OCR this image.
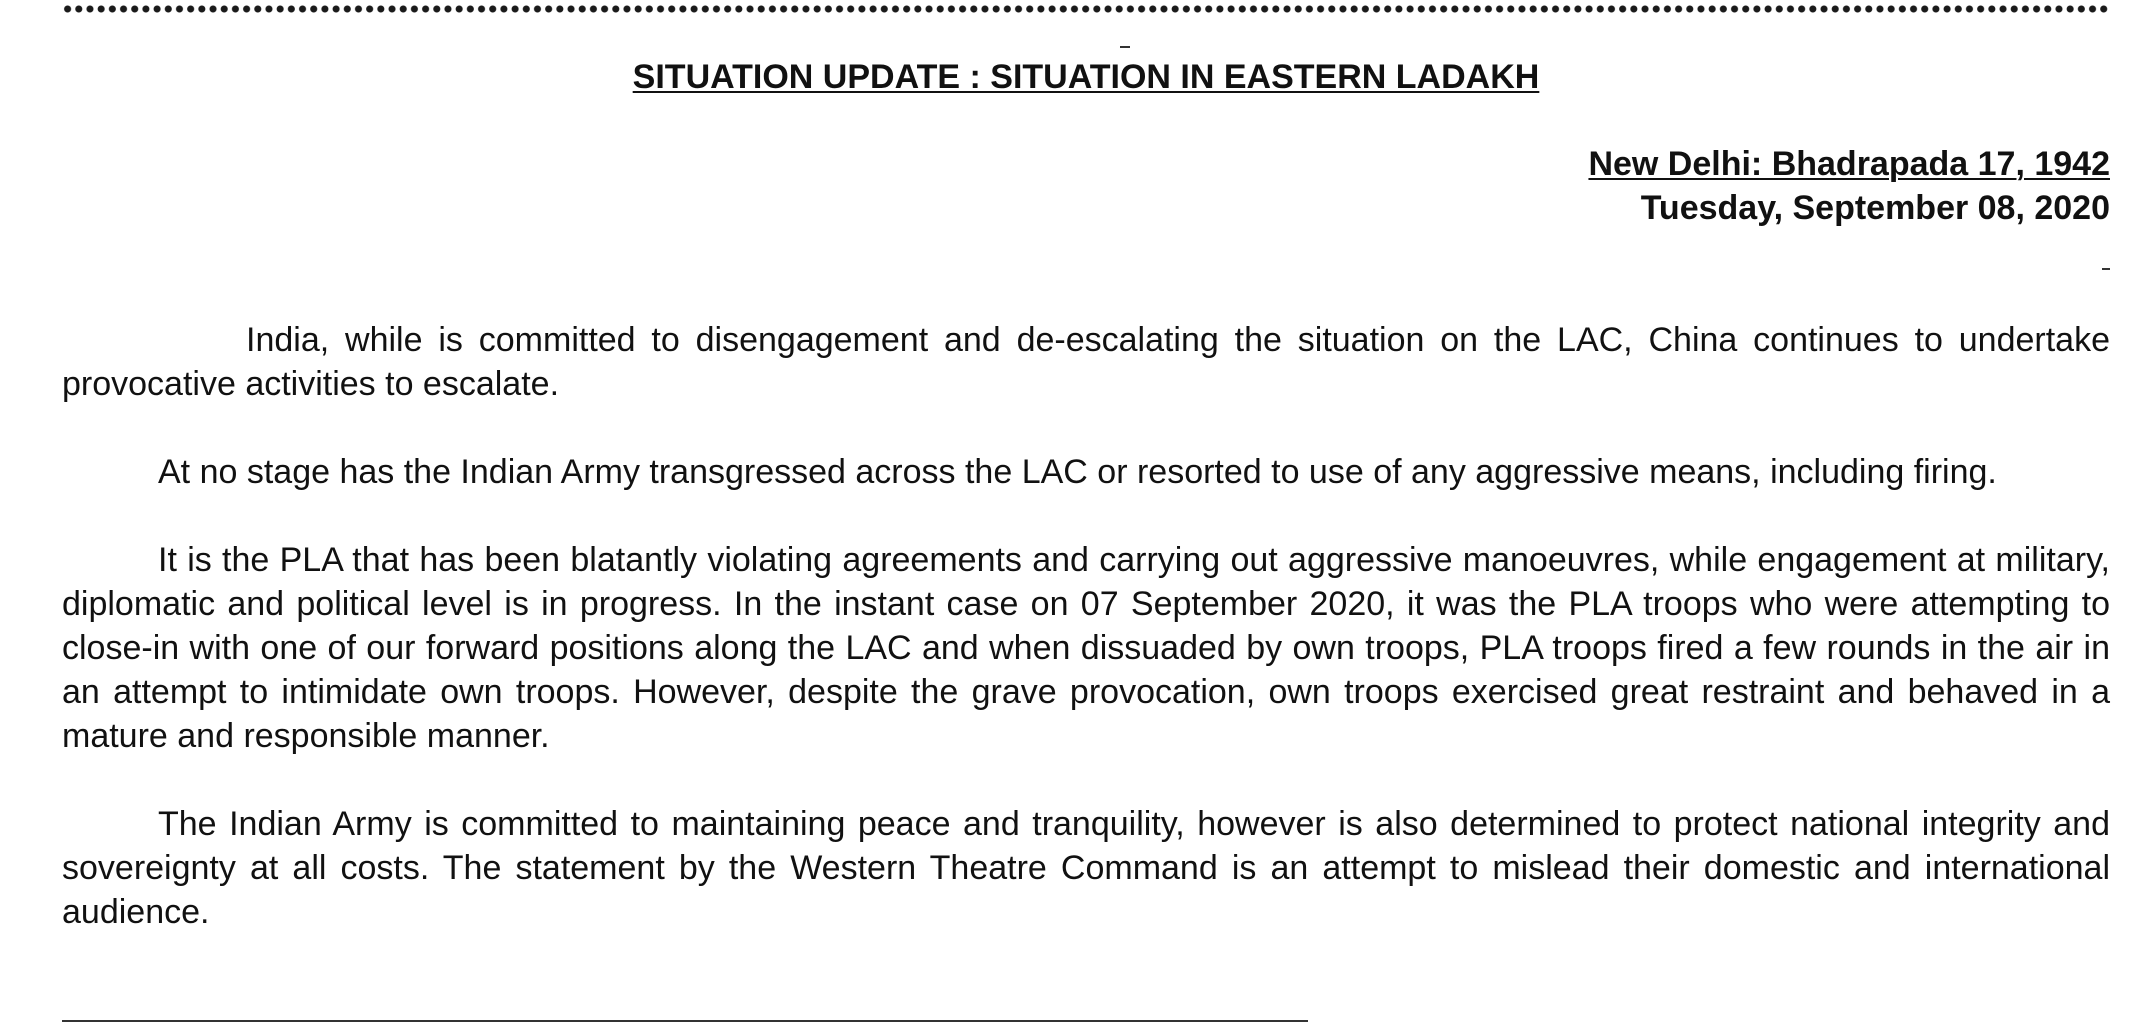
SITUATION UPDATE : SITUATION IN EASTERN LADAKH
New Delhi: Bhadrapada 17, 1942
Tuesday, September 08, 2020

India, while is committed to disengagement and de-escalating the situation on the LAC, China continues to undertake provocative activities to escalate.

At no stage has the Indian Army transgressed across the LAC or resorted to use of any aggressive means, including firing.

It is the PLA that has been blatantly violating agreements and carrying out aggressive manoeuvres, while engagement at military, diplomatic and political level is in progress. In the instant case on 07 September 2020, it was the PLA troops who were attempting to close-in with one of our forward positions along the LAC and when dissuaded by own troops, PLA troops fired a few rounds in the air in an attempt to intimidate own troops. However, despite the grave provocation, own troops exercised great restraint and behaved in a mature and responsible manner.

The Indian Army is committed to maintaining peace and tranquility, however is also determined to protect national integrity and sovereignty at all costs. The statement by the Western Theatre Command is an attempt to mislead their domestic and international audience.
